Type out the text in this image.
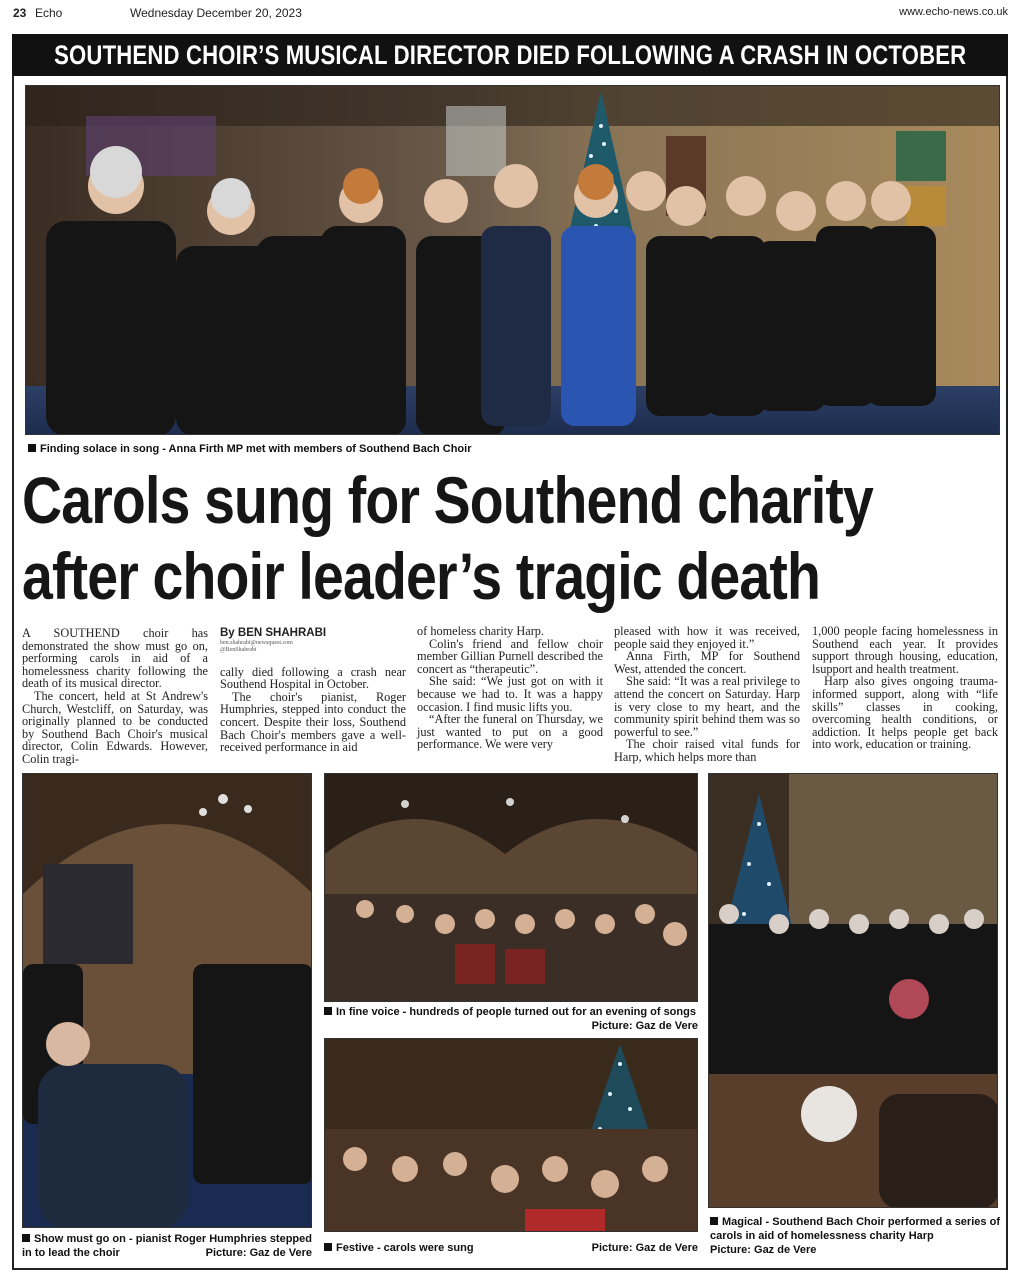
23 Echo	Wednesday December 20, 2023	www.echo-news.co.uk
SOUTHEND CHOIR’S MUSICAL DIRECTOR DIED FOLLOWING A CRASH IN OCTOBER
Finding solace in song - Anna Firth MP met with members of Southend Bach Choir
Carols sung for Southend charity
after choir leader’s tragic death

A SOUTHEND choir has demonstrated the show must go on, performing carols in aid of a homelessness charity following the death of its musical director.

The concert, held at St Andrew's Church, Westcliff, on Saturday, was originally planned to be conducted by Southend Bach Choir's musical director, Colin Edwards. However, Colin tragi-

By BEN SHAHRABI
ben.shahrabi@newsquest.com
@BenShahrabi

cally died following a crash near Southend Hospital in October.

The choir's pianist, Roger Humphries, stepped into conduct the concert. Despite their loss, Southend Bach Choir's members gave a well-received performance in aid

of homeless charity Harp.

Colin's friend and fellow choir member Gillian Purnell described the concert as “therapeutic”.

She said: “We just got on with it because we had to. It was a happy occasion. I find music lifts you.

“After the funeral on Thursday, we just wanted to put on a good performance. We were very

pleased with how it was received, people said they enjoyed it.”

Anna Firth, MP for Southend West, attended the concert.

She said: “It was a real privilege to attend the concert on Saturday. Harp is very close to my heart, and the community spirit behind them was so powerful to see.”

The choir raised vital funds for Harp, which helps more than

1,000 people facing homelessness in Southend each year. It provides support through housing, education, lsupport and health treatment.

Harp also gives ongoing trauma-informed support, along with “life skills” classes in cooking, overcoming health conditions, or addiction. It helps people get back into work, education or training.

Show must go on - pianist Roger Humphries stepped in to lead the choir	Picture: Gaz de Vere
In fine voice - hundreds of people turned out for an evening of songs
Picture: Gaz de Vere
Festive - carols were sung	Picture: Gaz de Vere
Magical - Southend Bach Choir performed a series of carols in aid of homelessness charity Harp
Picture: Gaz de Vere
